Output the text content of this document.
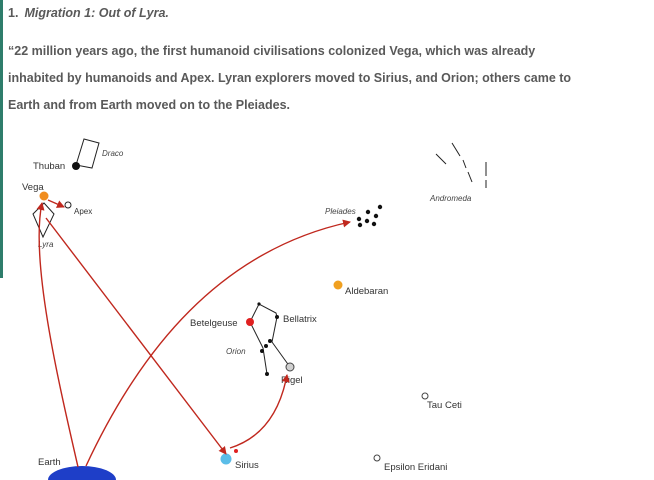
1. Migration 1: Out of Lyra.

“22 million years ago, the first humanoid civilisations colonized Vega, which was already
inhabited by humanoids and Apex. Lyran explorers moved to Sirius, and Orion; others came to
Earth and from Earth moved on to the Pleiades.

Earth
Draco
Thuban
Vega
Lyra
Apex
Andromeda
Pleiades
Aldebaran
Betelgeuse	Bellatrix
Orion
Rigel
Tau Ceti
Sirius	Epsilon Eridani
